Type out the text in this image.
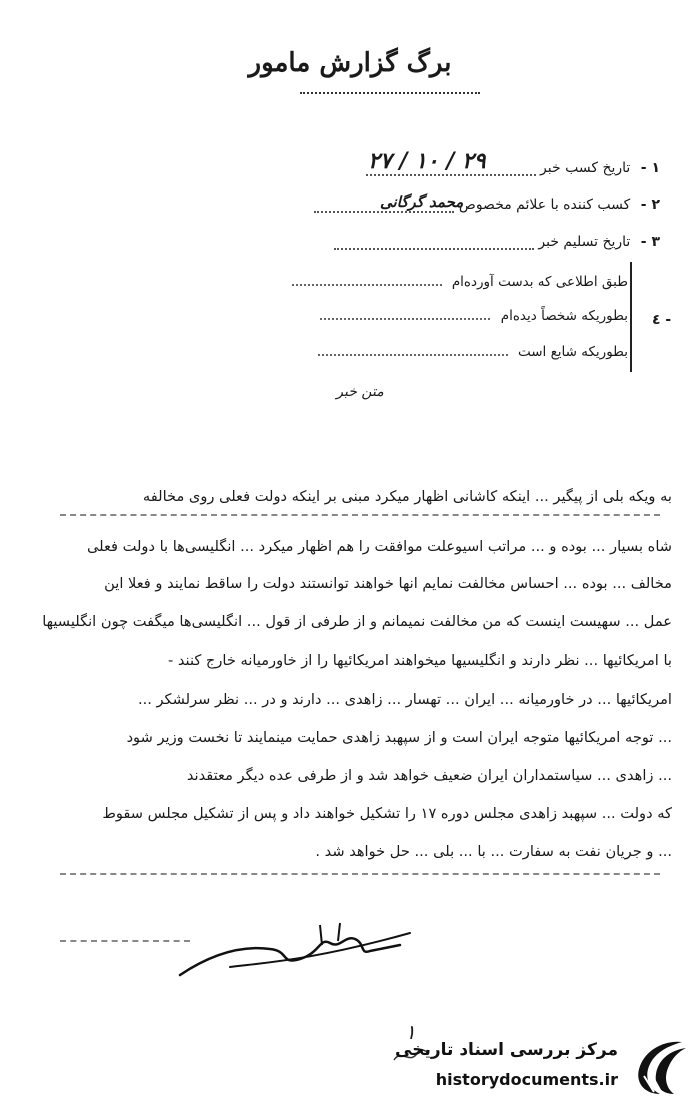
برگ گزارش مامور
١ - تاریخ کسب خبر
۲۷ / ۱۰ / ۲۹
٢ - کسب کننده با علائم مخصوص
محمد گرگانی
٣ - تاریخ تسلیم خبر
٤ -
طبق اطلاعی که بدست آورده‌ام
بطوریکه شخصاً دیده‌ام
بطوریکه شایع است
متن خبر
به ویکه بلی از پیگیر ... اینکه کاشانی اظهار میکرد مبنی بر اینکه دولت فعلی روی مخالفه
شاه بسیار ... بوده و ... مراتب اسیوعلت موافقت را هم اظهار میکرد ... انگلیسی‌ها با دولت فعلی
مخالف ... بوده ... احساس مخالفت نمایم انها خواهند توانستند دولت را ساقط نمایند و فعلا این
عمل ... سهیست اینست که من مخالفت نمیمانم و از طرفی از قول ... انگلیسی‌ها میگفت چون انگلیسیها
با امریکائیها ... نظر دارند و انگلیسیها میخواهند امریکائیها را از خاورمیانه خارج کنند -
امریکائیها ... در خاورمیانه ... ایران ... تهسار ... زاهدی ... دارند و در ... نظر سرلشکر ...
... توجه امریکائیها متوجه ایران است و از سپهبد زاهدی حمایت مینمایند تا نخست وزیر شود
... زاهدی ... سیاستمداران ایران ضعیف خواهد شد و از طرفی عده دیگر معتقدند
که دولت ... سپهبد زاهدی مجلس دوره ۱۷ را تشکیل خواهند داد و پس از تشکیل مجلس سقوط
... و جریان نفت به سفارت ... با ... بلی ... حل خواهد شد .
١
مرکز بررسی اسناد تاریخی
historydocuments.ir
